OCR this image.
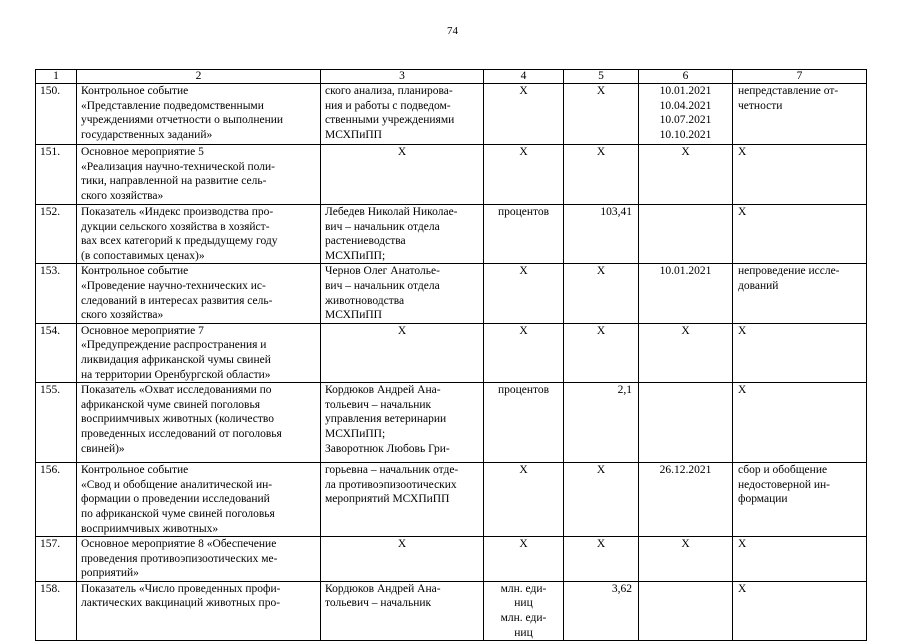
74
1	2	3	4	5	6	7

150.	Контрольное событие
«Представление подведомственными
учреждениями отчетности о выполнении
государственных заданий»	ского анализа, планирова-
ния и работы с подведом-
ственными учреждениями
МСХПиПП	Х	Х	10.01.2021
10.04.2021
10.07.2021
10.10.2021	непредставление от-
четности

151.	Основное мероприятие 5
«Реализация научно-технической поли-
тики, направленной на развитие сель-
ского хозяйства»	Х	Х	Х	Х	Х

152.	Показатель «Индекс производства про-
дукции сельского хозяйства в хозяйст-
вах всех категорий к предыдущему году
(в сопоставимых ценах)»	Лебедев Николай Николае-
вич – начальник отдела
растениеводства
МСХПиПП;	процентов	103,41		Х

153.	Контрольное событие
«Проведение научно-технических ис-
следований в интересах развития сель-
ского хозяйства»	Чернов Олег Анатолье-
вич – начальник отдела
животноводства
МСХПиПП	Х	Х	10.01.2021	непроведение иссле-
дований

154.	Основное мероприятие 7
«Предупреждение распространения и
ликвидация африканской чумы свиней
на территории Оренбургской области»	Х	Х	Х	Х	Х

155.	Показатель «Охват исследованиями по
африканской чуме свиней поголовья
восприимчивых животных (количество
проведенных исследований от поголовья
свиней)»	Кордюков Андрей Ана-
тольевич – начальник
управления ветеринарии
МСХПиПП;
Заворотнюк Любовь Гри-	процентов	2,1		Х

156.	Контрольное событие
«Свод и обобщение аналитической ин-
формации о проведении исследований
по африканской чуме свиней поголовья
восприимчивых животных»	горьевна – начальник отде-
ла противоэпизоотических
мероприятий МСХПиПП	Х	Х	26.12.2021	сбор и обобщение
недостоверной ин-
формации

157.	Основное мероприятие 8 «Обеспечение
проведения противоэпизоотических ме-
роприятий»	Х	Х	Х	Х	Х

158.	Показатель «Число проведенных профи-
лактических вакцинаций животных про-	Кордюков Андрей Ана-
тольевич – начальник	млн. еди-
ниц
млн. еди-
ниц	3,62		Х
